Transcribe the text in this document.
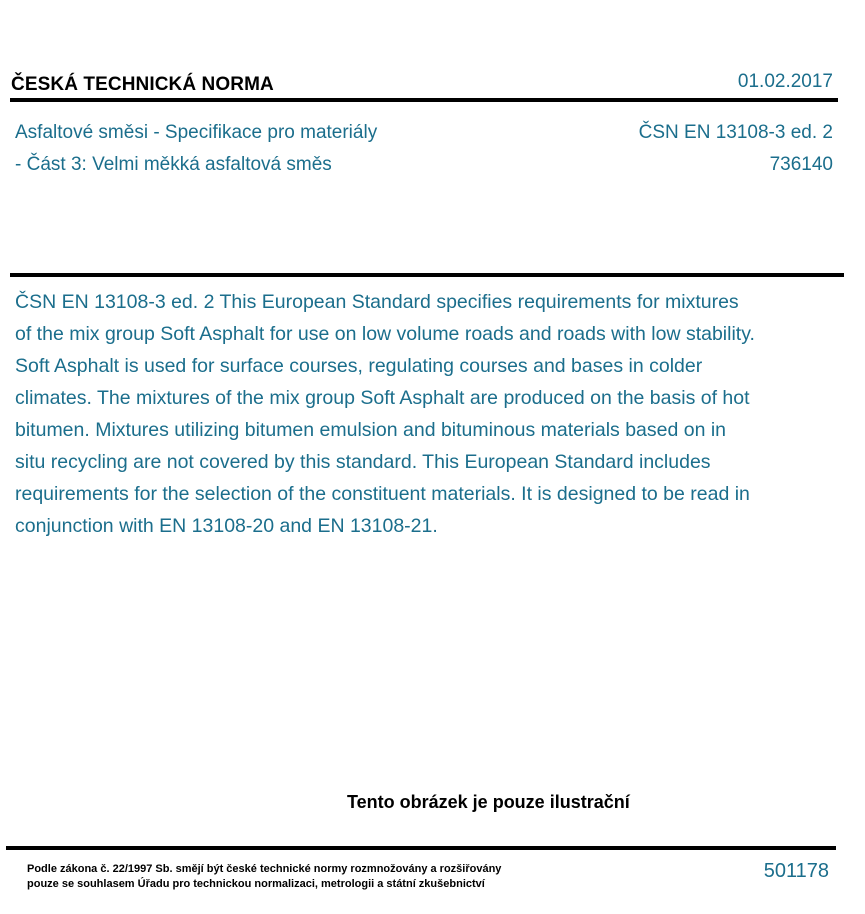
ČESKÁ TECHNICKÁ NORMA	01.02.2017
Asfaltové směsi - Specifikace pro materiály
- Část 3: Velmi měkká asfaltová směs
ČSN EN 13108-3 ed. 2
736140
ČSN EN 13108-3 ed. 2 This European Standard specifies requirements for mixtures of the mix group Soft Asphalt for use on low volume roads and roads with low stability. Soft Asphalt is used for surface courses, regulating courses and bases in colder climates. The mixtures of the mix group Soft Asphalt are produced on the basis of hot bitumen. Mixtures utilizing bitumen emulsion and bituminous materials based on in situ recycling are not covered by this standard. This European Standard includes requirements for the selection of the constituent materials. It is designed to be read in conjunction with EN 13108-20 and EN 13108-21.
Tento obrázek je pouze ilustrační
Podle zákona č. 22/1997 Sb. smějí být české technické normy rozmnožovány a rozšiřovány
pouze se souhlasem Úřadu pro technickou normalizaci, metrologii a státní zkušebnictví
501178
